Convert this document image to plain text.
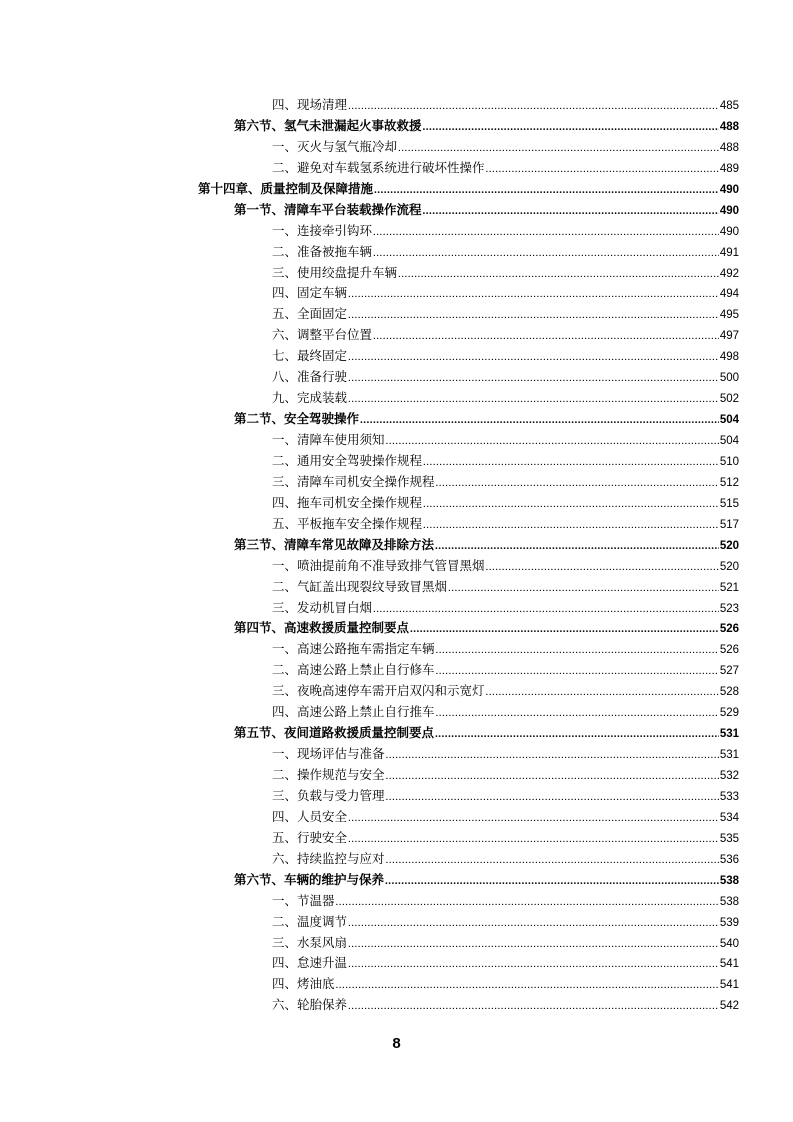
四、现场清理 .....	485
第六节、氢气未泄漏起火事故救援 .....	488
一、灭火与氢气瓶冷却 .....	488
二、避免对车载氢系统进行破坏性操作 .....	489
第十四章、质量控制及保障措施 .....	490
第一节、清障车平台装载操作流程 .....	490
一、连接牵引钩环 .....	490
二、准备被拖车辆 .....	491
三、使用绞盘提升车辆 .....	492
四、固定车辆 .....	494
五、全面固定 .....	495
六、调整平台位置 .....	497
七、最终固定 .....	498
八、准备行驶 .....	500
九、完成装载 .....	502
第二节、安全驾驶操作 .....	504
一、清障车使用须知 .....	504
二、通用安全驾驶操作规程 .....	510
三、清障车司机安全操作规程 .....	512
四、拖车司机安全操作规程 .....	515
五、平板拖车安全操作规程 .....	517
第三节、清障车常见故障及排除方法 .....	520
一、喷油提前角不准导致排气管冒黑烟 .....	520
二、气缸盖出现裂纹导致冒黑烟 .....	521
三、发动机冒白烟 .....	523
第四节、高速救援质量控制要点 .....	526
一、高速公路拖车需指定车辆 .....	526
二、高速公路上禁止自行修车 .....	527
三、夜晚高速停车需开启双闪和示宽灯 .....	528
四、高速公路上禁止自行推车 .....	529
第五节、夜间道路救援质量控制要点 .....	531
一、现场评估与准备 .....	531
二、操作规范与安全 .....	532
三、负载与受力管理 .....	533
四、人员安全 .....	534
五、行驶安全 .....	535
六、持续监控与应对 .....	536
第六节、车辆的维护与保养 .....	538
一、节温器 .....	538
二、温度调节 .....	539
三、水泵风扇 .....	540
四、怠速升温 .....	541
四、烤油底 .....	541
六、轮胎保养 .....	542
8
